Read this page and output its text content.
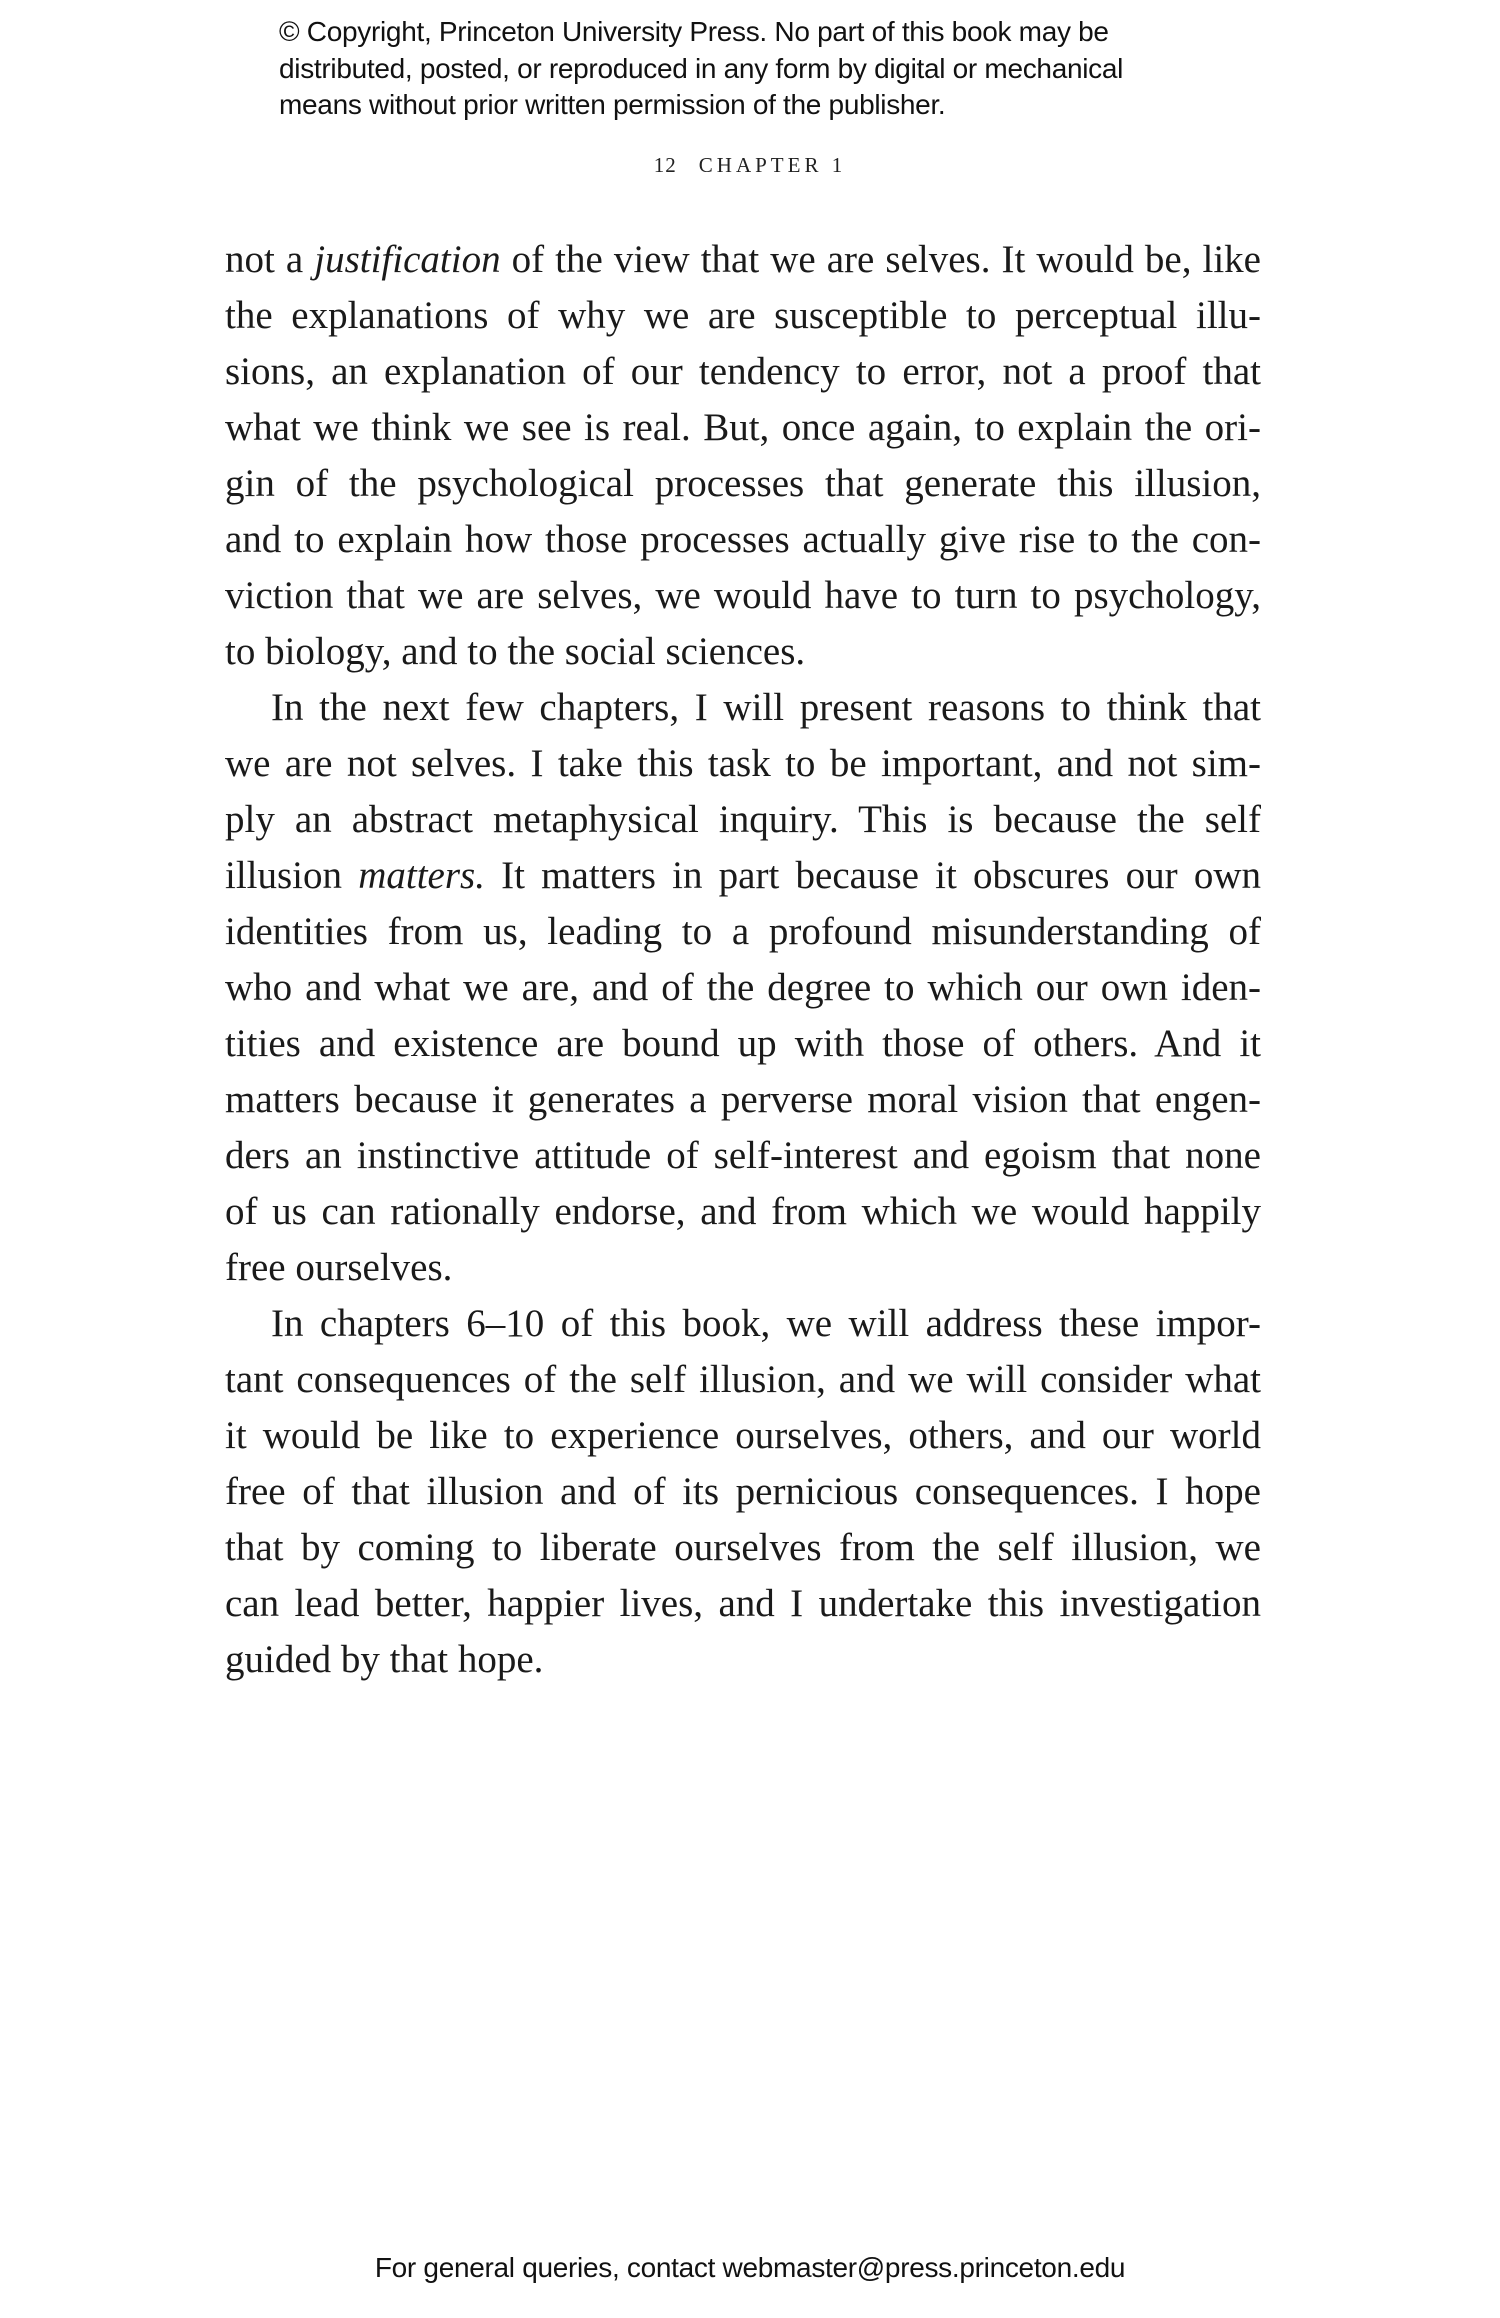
© Copyright, Princeton University Press. No part of this book may be
distributed, posted, or reproduced in any form by digital or mechanical
means without prior written permission of the publisher.
12 CHAPTER 1
not a justification of the view that we are selves. It would be, like
the explanations of why we are susceptible to perceptual illu-
sions, an explanation of our tendency to error, not a proof that
what we think we see is real. But, once again, to explain the ori-
gin of the psychological processes that generate this illusion,
and to explain how those processes actually give rise to the con-
viction that we are selves, we would have to turn to psychology,
to biology, and to the social sciences.
In the next few chapters, I will present reasons to think that
we are not selves. I take this task to be important, and not sim-
ply an abstract metaphysical inquiry. This is because the self
illusion matters. It matters in part because it obscures our own
identities from us, leading to a profound misunderstanding of
who and what we are, and of the degree to which our own iden-
tities and existence are bound up with those of others. And it
matters because it generates a perverse moral vision that engen-
ders an instinctive attitude of self-interest and egoism that none
of us can rationally endorse, and from which we would happily
free ourselves.
In chapters 6–10 of this book, we will address these impor-
tant consequences of the self illusion, and we will consider what
it would be like to experience ourselves, others, and our world
free of that illusion and of its pernicious consequences. I hope
that by coming to liberate ourselves from the self illusion, we
can lead better, happier lives, and I undertake this investigation
guided by that hope.
For general queries, contact webmaster@press.princeton.edu
